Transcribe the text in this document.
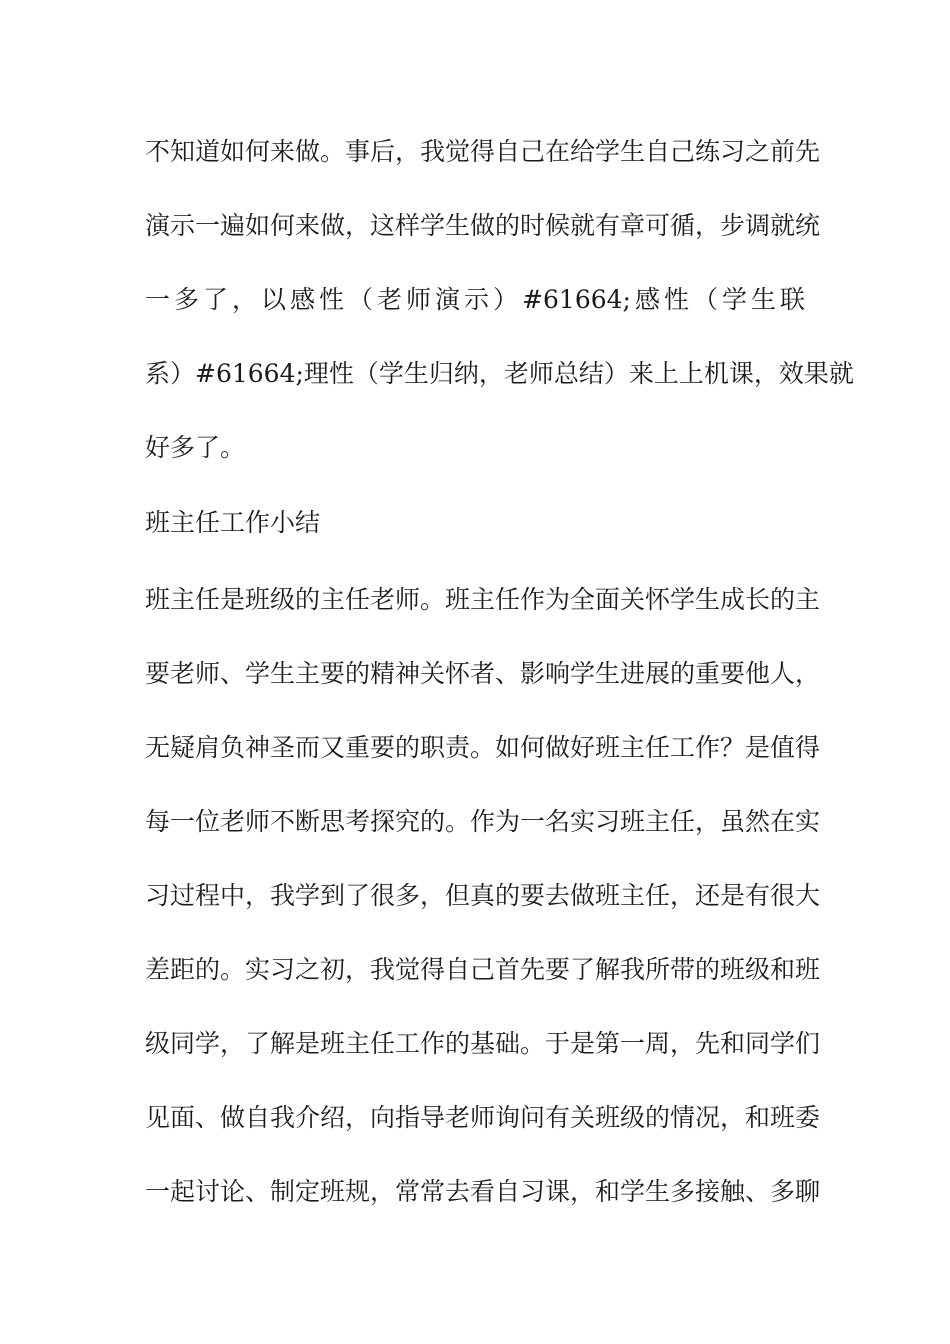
不知道如何来做。事后，我觉得自己在给学生自己练习之前先
演示一遍如何来做，这样学生做的时候就有章可循，步调就统
一多了，以感性（老师演示）#61664;感性（学生联
系）#61664;理性（学生归纳，老师总结）来上上机课，效果就
好多了。
班主任工作小结
班主任是班级的主任老师。班主任作为全面关怀学生成长的主
要老师、学生主要的精神关怀者、影响学生进展的重要他人，
无疑肩负神圣而又重要的职责。如何做好班主任工作？是值得
每一位老师不断思考探究的。作为一名实习班主任，虽然在实
习过程中，我学到了很多，但真的要去做班主任，还是有很大
差距的。实习之初，我觉得自己首先要了解我所带的班级和班
级同学，了解是班主任工作的基础。于是第一周，先和同学们
见面、做自我介绍，向指导老师询问有关班级的情况，和班委
一起讨论、制定班规，常常去看自习课，和学生多接触、多聊
